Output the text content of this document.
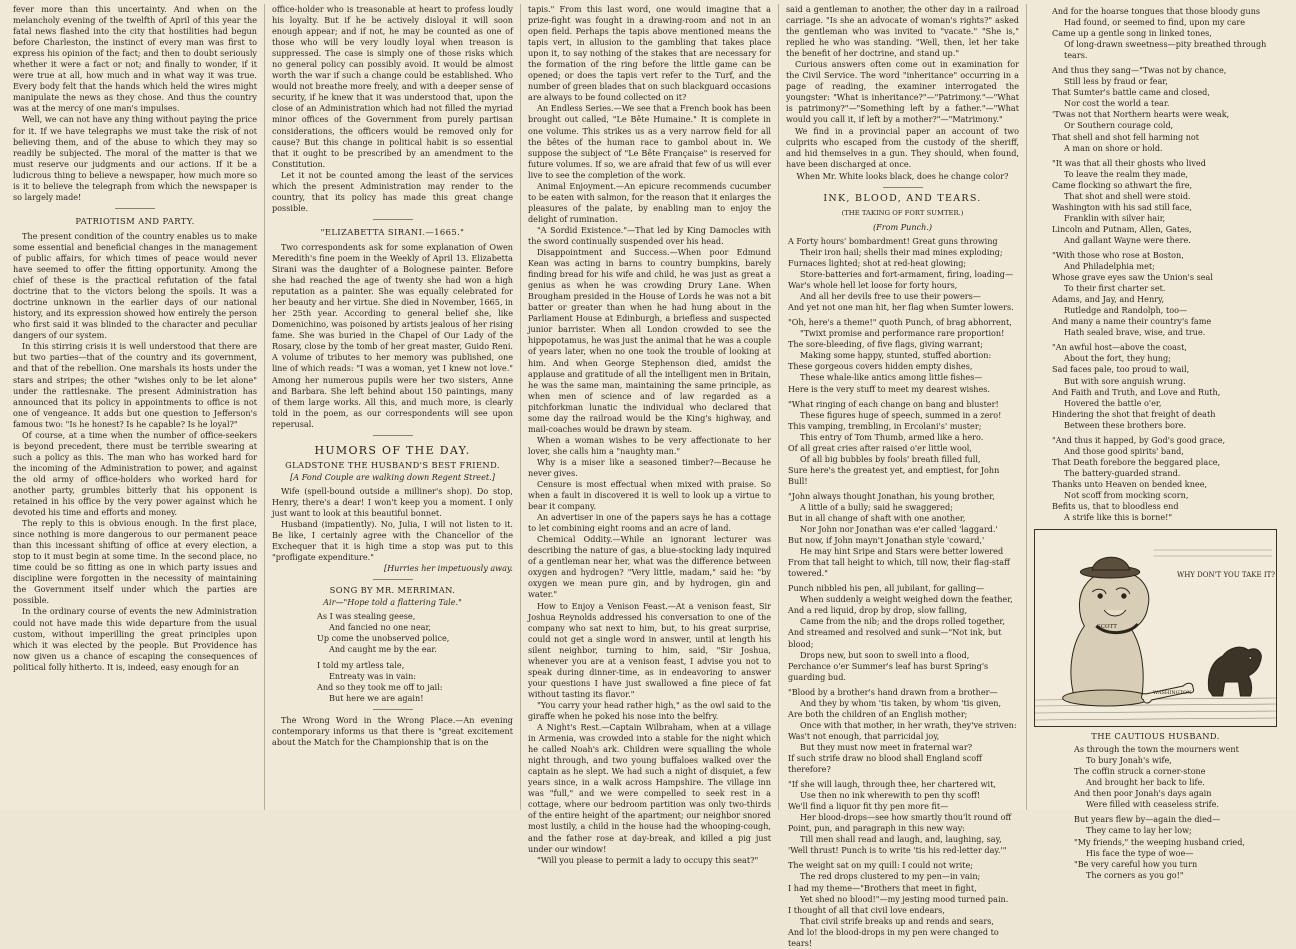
fever more than this uncertainty. And when on the melancholy evening of the twelfth of April of this year the fatal news flashed into the city that hostilities had begun before Charleston, the instinct of every man was first to express his opinion of the fact; and then to doubt seriously whether it were a fact or not; and finally to wonder, if it were true at all, how much and in what way it was true. Every body felt that the hands which held the wires might manipulate the news as they chose. And thus the country was at the mercy of one man's impulses.

Well, we can not have any thing without paying the price for it. If we have telegraphs we must take the risk of not believing them, and of the abuse to which they may so readily be subjected. The moral of the matter is that we must reserve our judgments and our actions. If it be a ludicrous thing to believe a newspaper, how much more so is it to believe the telegraph from which the newspaper is so largely made!

PATRIOTISM AND PARTY.

The present condition of the country enables us to make some essential and beneficial changes in the management of public affairs, for which times of peace would never have seemed to offer the fitting opportunity. Among the chief of these is the practical refutation of the fatal doctrine that to the victors belong the spoils. It was a doctrine unknown in the earlier days of our national history, and its expression showed how entirely the person who first said it was blinded to the character and peculiar dangers of our system.

In this stirring crisis it is well understood that there are but two parties—that of the country and its government, and that of the rebellion. One marshals its hosts under the stars and stripes; the other "wishes only to be let alone" under the rattlesnake. The present Administration has announced that its policy in appointments to office is not one of vengeance. It adds but one question to Jefferson's famous two: "Is he honest? Is he capable? Is he loyal?"

Of course, at a time when the number of office-seekers is beyond precedent, there must be terrible swearing at such a policy as this. The man who has worked hard for the incoming of the Administration to power, and against the old army of office-holders who worked hard for another party, grumbles bitterly that his opponent is retained in his office by the very power against which he devoted his time and efforts and money.

The reply to this is obvious enough. In the first place, since nothing is more dangerous to our permanent peace than this incessant shifting of office at every election, a stop to it must begin at some time. In the second place, no time could be so fitting as one in which party issues and discipline were forgotten in the necessity of maintaining the Government itself under which the parties are possible.

In the ordinary course of events the new Administration could not have made this wide departure from the usual custom, without imperilling the great principles upon which it was elected by the people. But Providence has now given us a chance of escaping the consequences of political folly hitherto. It is, indeed, easy enough for an

office-holder who is treasonable at heart to profess loudly his loyalty. But if he be actively disloyal it will soon enough appear; and if not, he may be counted as one of those who will be very loudly loyal when treason is suppressed. The case is simply one of those risks which no general policy can possibly avoid. It would be almost worth the war if such a change could be established. Who would not breathe more freely, and with a deeper sense of security, if he knew that it was understood that, upon the close of an Administration which had not filled the myriad minor offices of the Government from purely partisan considerations, the officers would be removed only for cause? But this change in political habit is so essential that it ought to be prescribed by an amendment to the Constitution.

Let it not be counted among the least of the services which the present Administration may render to the country, that its policy has made this great change possible.

"ELIZABETTA SIRANI.—1665."

Two correspondents ask for some explanation of Owen Meredith's fine poem in the Weekly of April 13. Elizabetta Sirani was the daughter of a Bolognese painter. Before she had reached the age of twenty she had won a high reputation as a painter. She was equally celebrated for her beauty and her virtue. She died in November, 1665, in her 25th year. According to general belief she, like Domenichino, was poisoned by artists jealous of her rising fame. She was buried in the Chapel of Our Lady of the Rosary, close by the tomb of her great master, Guido Reni. A volume of tributes to her memory was published, one line of which reads: "I was a woman, yet I knew not love." Among her numerous pupils were her two sisters, Anne and Barbara. She left behind about 150 paintings, many of them large works. All this, and much more, is clearly told in the poem, as our correspondents will see upon reperusal.

HUMORS OF THE DAY.
GLADSTONE THE HUSBAND'S BEST FRIEND.
[A Fond Couple are walking down Regent Street.]

Wife (spell-bound outside a milliner's shop). Do stop, Henry, there's a dear! I won't keep you a moment. I only just want to look at this beautiful bonnet.

Husband (impatiently). No, Julia, I will not listen to it. Be like, I certainly agree with the Chancellor of the Exchequer that it is high time a stop was put to this "profligate expenditure."

[Hurries her impetuously away.
SONG BY MR. MERRIMAN.
Air—"Hope told a flattering Tale."
As I was stealing geese,
And fancied no one near,
Up come the unobserved police,
And caught me by the ear.
I told my artless tale,
Entreaty was in vain:
And so they took me off to jail:
But here we are again!

The Wrong Word in the Wrong Place.—An evening contemporary informs us that there is "great excitement about the Match for the Championship that is on the

tapis." From this last word, one would imagine that a prize-fight was fought in a drawing-room and not in an open field. Perhaps the tapis above mentioned means the tapis vert, in allusion to the gambling that takes place upon it, to say nothing of the stakes that are necessary for the formation of the ring before the little game can be opened; or does the tapis vert refer to the Turf, and the number of green blades that on such blackguard occasions are always to be found collected on it?

An Endless Series.—We see that a French book has been brought out called, "Le Bête Humaine." It is complete in one volume. This strikes us as a very narrow field for all the bêtes of the human race to gambol about in. We suppose the subject of "Le Bête Française" is reserved for future volumes. If so, we are afraid that few of us will ever live to see the completion of the work.

Animal Enjoyment.—An epicure recommends cucumber to be eaten with salmon, for the reason that it enlarges the pleasures of the palate, by enabling man to enjoy the delight of rumination.

"A Sordid Existence."—That led by King Damocles with the sword continually suspended over his head.

Disappointment and Success.—When poor Edmund Kean was acting in barns to country bumpkins, barely finding bread for his wife and child, he was just as great a genius as when he was crowding Drury Lane. When Brougham presided in the House of Lords he was not a bit batter or greater than when he had hung about in the Parliament House at Edinburgh, a briefless and suspected junior barrister. When all London crowded to see the hippopotamus, he was just the animal that he was a couple of years later, when no one took the trouble of looking at him. And when George Stephenson died, amidst the applause and gratitude of all the intelligent men in Britain, he was the same man, maintaining the same principle, as when men of science and of law regarded as a pitchforkman lunatic the individual who declared that some day the railroad would be the King's highway, and mail-coaches would be drawn by steam.

When a woman wishes to be very affectionate to her lover, she calls him a "naughty man."

Why is a miser like a seasoned timber?—Because he never gives.

Censure is most effectual when mixed with praise. So when a fault in discovered it is well to look up a virtue to bear it company.

An advertiser in one of the papers says he has a cottage to let combining eight rooms and an acre of land.

Chemical Oddity.—While an ignorant lecturer was describing the nature of gas, a blue-stocking lady inquired of a gentleman near her, what was the difference between oxygen and hydrogen? "Very little, madam," said he: "by oxygen we mean pure gin, and by hydrogen, gin and water."

How to Enjoy a Venison Feast.—At a venison feast, Sir Joshua Reynolds addressed his conversation to one of the company who sat next to him, but, to his great surprise, could not get a single word in answer, until at length his silent neighbor, turning to him, said, "Sir Joshua, whenever you are at a venison feast, I advise you not to speak during dinner-time, as in endeavoring to answer your questions I have just swallowed a fine piece of fat without tasting its flavor."

"You carry your head rather high," as the owl said to the giraffe when he poked his nose into the belfry.

A Night's Rest.—Captain Wilbraham, when at a village in Armenia, was crowded into a stable for the night which he called Noah's ark. Children were squalling the whole night through, and two young buffaloes walked over the captain as he slept. We had such a night of disquiet, a few years since, in a walk across Hampshire. The village inn was "full," and we were compelled to seek rest in a cottage, where our bedroom partition was only two-thirds of the entire height of the apartment; our neighbor snored most lustily, a child in the house had the whooping-cough, and the father rose at day-break, and killed a pig just under our window!

"Will you please to permit a lady to occupy this seat?"

said a gentleman to another, the other day in a railroad carriage. "Is she an advocate of woman's rights?" asked the gentleman who was invited to "vacate." "She is," replied he who was standing. "Well, then, let her take the benefit of her doctrine, and stand up."

Curious answers often come out in examination for the Civil Service. The word "inheritance" occurring in a page of reading, the examiner interrogated the youngster: "What is inheritance?"—"Patrimony."—"What is patrimony?"—"Something left by a father."—"What would you call it, if left by a mother?"—"Matrimony."

We find in a provincial paper an account of two culprits who escaped from the custody of the sheriff, and hid themselves in a gun. They should, when found, have been discharged at once.

When Mr. White looks black, does he change color?
INK, BLOOD, AND TEARS.
(THE TAKING OF FORT SUMTER.)
(From Punch.)
A Forty hours' bombardment! Great guns throwing
Their iron hail; shells their mad mines exploding;
Furnaces lighted; shot at red-heat glowing;
Store-batteries and fort-armament, firing, loading—
War's whole hell let loose for forty hours,
And all her devils free to use their powers—
And yet not one man hit, her flag when Sumter lowers.
"Oh, here's a theme!" quoth Punch, of brag abhorrent,
"Twixt promise and performance rare proportion!
The sore-bleeding, of five flags, giving warrant;
Making some happy, stunted, stuffed abortion:
These gorgeous covers hidden empty dishes,
These whale-like antics among little fishes—
Here is the very stuff to meet my dearest wishes.
"What ringing of each change on bang and bluster!
These figures huge of speech, summed in a zero!
This vamping, trembling, in Ercolani's' muster;
This entry of Tom Thumb, armed like a hero.
Of all great cries after raised o'er little wool,
Of all big bubbles by fools' breath filled full,
Sure here's the greatest yet, and emptiest, for John Bull!
"John always thought Jonathan, his young brother,
A little of a bully; said he swaggered;
But in all change of shaft with one another,
Nor John nor Jonathan was e'er called 'laggard.'
But now, if John mayn't Jonathan style 'coward,'
He may hint Sripe and Stars were better lowered
From that tall height to which, till now, their flag-staff towered."
Punch nibbled his pen, all jubilant, for galling—
When suddenly a weight weighed down the feather,
And a red liquid, drop by drop, slow falling,
Came from the nib; and the drops rolled together,
And streamed and resolved and sunk—"Not ink, but blood;
Drops new, but soon to swell into a flood,
Perchance o'er Summer's leaf has burst Spring's guarding bud.
"Blood by a brother's hand drawn from a brother—
And they by whom 'tis taken, by whom 'tis given,
Are both the children of an English mother;
Once with that mother, in her wrath, they've striven:
Was't not enough, that parricidal joy,
But they must now meet in fraternal war?
If such strife draw no blood shall England scoff therefore?
"If she will laugh, through thee, her chartered wit,
Use then no ink wherewith to pen thy scoff!
We'll find a liquor fit thy pen more fit—
Her blood-drops—see how smartly thou'lt round off
Point, pun, and paragraph in this new way:
Till men shall read and laugh, and, laughing, say,
'Well thrust! Punch is to write 'tis his red-letter day.'"
The weight sat on my quill: I could not write;
The red drops clustered to my pen—in vain;
I had my theme—"Brothers that meet in fight,
Yet shed no blood!"—my jesting mood turned pain.
I thought of all that civil love endears,
That civil strife breaks up and rends and sears,
And lo! the blood-drops in my pen were changed to tears!
And for the hoarse tongues that those bloody guns
Had found, or seemed to find, upon my care
Came up a gentle song in linked tones,
Of long-drawn sweetness—pity breathed through tears.
And thus they sang—"Twas not by chance,
Still less by fraud or fear,
That Sumter's battle came and closed,
Nor cost the world a tear.
'Twas not that Northern hearts were weak,
Or Southern courage cold,
That shell and shot fell harming not
A man on shore or hold.
"It was that all their ghosts who lived
To leave the realm they made,
Came flocking so athwart the fire,
That shot and shell were stoid.
Washington with his sad still face,
Franklin with silver hair,
Lincoln and Putnam, Allen, Gates,
And gallant Wayne were there.
"With those who rose at Boston,
And Philadelphia met;
Whose grave eyes saw the Union's seal
To their first charter set.
Adams, and Jay, and Henry,
Rutledge and Randolph, too—
And many a name their country's fame
Hath sealed brave, wise, and true.
"An awful host—above the coast,
About the fort, they hung;
Sad faces pale, too proud to wail,
But with sore anguish wrung.
And Faith and Truth, and Love and Ruth,
Hovered the battle o'er,
Hindering the shot that freight of death
Between these brothers bore.
"And thus it happed, by God's good grace,
And those good spirits' band,
That Death forebore the beggared place,
The battery-guarded strand.
Thanks unto Heaven on bended knee,
Not scoff from mocking scorn,
Befits us, that to bloodless end
A strife like this is borne!"
WHY DON'T YOU TAKE IT?
SCOTT
WASHINGTON
THE CAUTIOUS HUSBAND.
As through the town the mourners went
To bury Jonah's wife,
The coffin struck a corner-stone
And brought her back to life.
And then poor Jonah's days again
Were filled with ceaseless strife.
But years flew by—again the died—
They came to lay her low;
"My friends," the weeping husband cried,
His face the type of woe—
"Be very careful how you turn
The corners as you go!"
